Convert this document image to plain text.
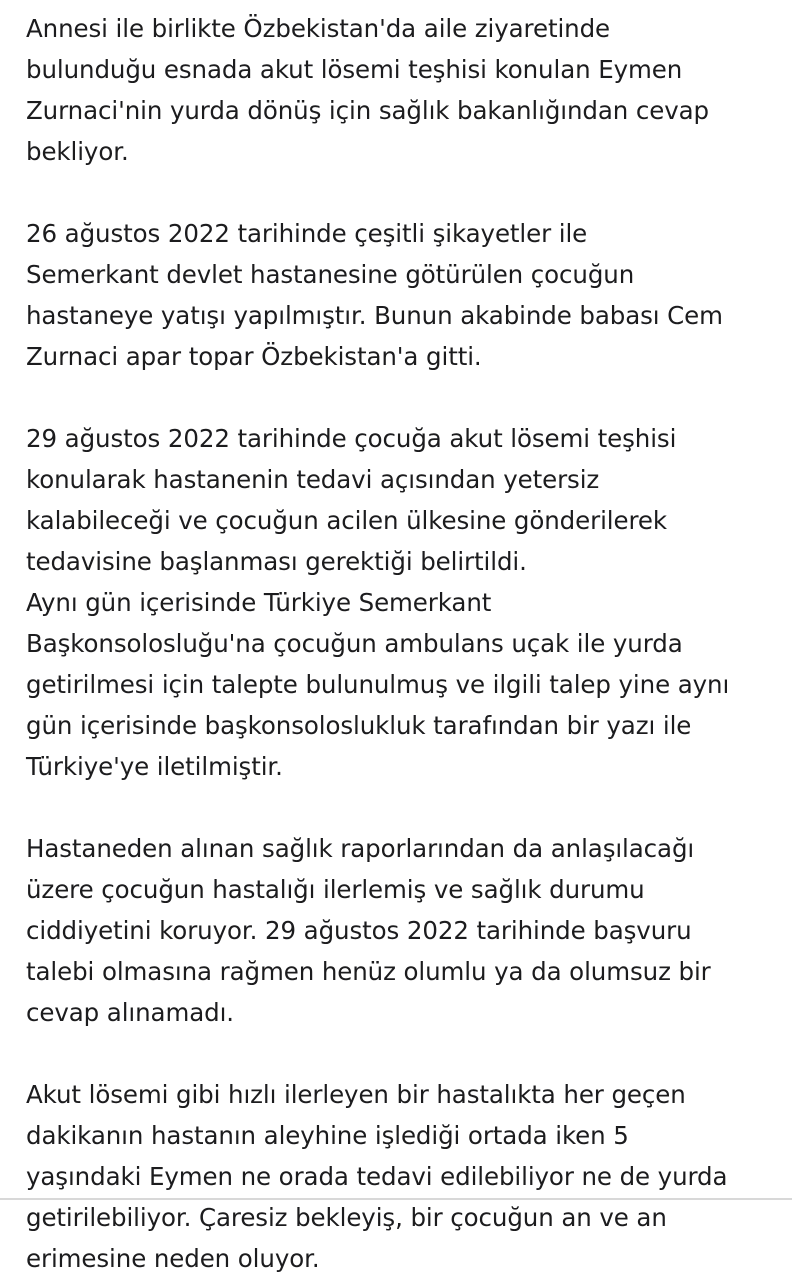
Annesi ile birlikte Özbekistan'da aile ziyaretinde
bulunduğu esnada akut lösemi teşhisi konulan Eymen
Zurnaci'nin yurda dönüş için sağlık bakanlığından cevap
bekliyor.
26 ağustos 2022 tarihinde çeşitli şikayetler ile
Semerkant devlet hastanesine götürülen çocuğun
hastaneye yatışı yapılmıştır. Bunun akabinde babası Cem
Zurnaci apar topar Özbekistan'a gitti.
29 ağustos 2022 tarihinde çocuğa akut lösemi teşhisi
konularak hastanenin tedavi açısından yetersiz
kalabileceği ve çocuğun acilen ülkesine gönderilerek
tedavisine başlanması gerektiği belirtildi.
Aynı gün içerisinde Türkiye Semerkant
Başkonsolosluğu'na çocuğun ambulans uçak ile yurda
getirilmesi için talepte bulunulmuş ve ilgili talep yine aynı
gün içerisinde başkonsoloslukluk tarafından bir yazı ile
Türkiye'ye iletilmiştir.
Hastaneden alınan sağlık raporlarından da anlaşılacağı
üzere çocuğun hastalığı ilerlemiş ve sağlık durumu
ciddiyetini koruyor. 29 ağustos 2022 tarihinde başvuru
talebi olmasına rağmen henüz olumlu ya da olumsuz bir
cevap alınamadı.
Akut lösemi gibi hızlı ilerleyen bir hastalıkta her geçen
dakikanın hastanın aleyhine işlediği ortada iken 5
yaşındaki Eymen ne orada tedavi edilebiliyor ne de yurda
getirilebiliyor. Çaresiz bekleyiş, bir çocuğun an ve an
erimesine neden oluyor.
